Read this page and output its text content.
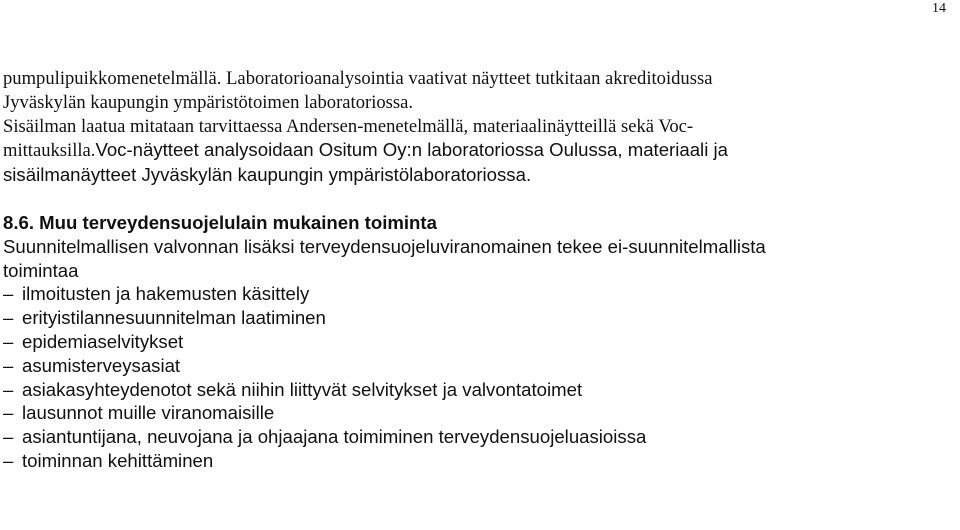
14

pumpulipuikkomenetelmällä. Laboratorioanalysointia vaativat näytteet tutkitaan akreditoidussa

Jyväskylän kaupungin ympäristötoimen laboratoriossa.

Sisäilman laatua mitataan tarvittaessa Andersen-menetelmällä, materiaalinäytteillä sekä Voc-

mittauksilla.Voc-näytteet analysoidaan Ositum Oy:n laboratoriossa Oulussa, materiaali ja

sisäilmanäytteet Jyväskylän kaupungin ympäristölaboratoriossa.

8.6. Muu terveydensuojelulain mukainen toiminta

Suunnitelmallisen valvonnan lisäksi terveydensuojeluviranomainen tekee ei-suunnitelmallista

toimintaa

– ilmoitusten ja hakemusten käsittely
– erityistilannesuunnitelman laatiminen
– epidemiaselvitykset
– asumisterveysasiat
– asiakasyhteydenotot sekä niihin liittyvät selvitykset ja valvontatoimet
– lausunnot muille viranomaisille
– asiantuntijana, neuvojana ja ohjaajana toimiminen terveydensuojeluasioissa
– toiminnan kehittäminen
